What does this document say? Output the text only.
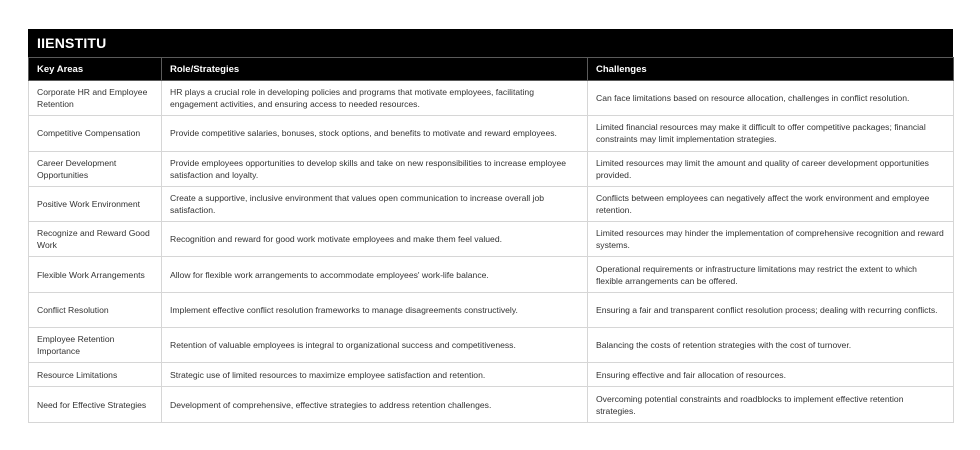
IIENSTITU
Key Areas	Role/Strategies	Challenges
Corporate HR and Employee Retention	HR plays a crucial role in developing policies and programs that motivate employees, facilitating engagement activities, and ensuring access to needed resources.	Can face limitations based on resource allocation, challenges in conflict resolution.
Competitive Compensation	Provide competitive salaries, bonuses, stock options, and benefits to motivate and reward employees.	Limited financial resources may make it difficult to offer competitive packages; financial constraints may limit implementation strategies.
Career Development Opportunities	Provide employees opportunities to develop skills and take on new responsibilities to increase employee satisfaction and loyalty.	Limited resources may limit the amount and quality of career development opportunities provided.
Positive Work Environment	Create a supportive, inclusive environment that values open communication to increase overall job satisfaction.	Conflicts between employees can negatively affect the work environment and employee retention.
Recognize and Reward Good Work	Recognition and reward for good work motivate employees and make them feel valued.	Limited resources may hinder the implementation of comprehensive recognition and reward systems.
Flexible Work Arrangements	Allow for flexible work arrangements to accommodate employees' work-life balance.	Operational requirements or infrastructure limitations may restrict the extent to which flexible arrangements can be offered.
Conflict Resolution	Implement effective conflict resolution frameworks to manage disagreements constructively.	Ensuring a fair and transparent conflict resolution process; dealing with recurring conflicts.
Employee Retention Importance	Retention of valuable employees is integral to organizational success and competitiveness.	Balancing the costs of retention strategies with the cost of turnover.
Resource Limitations	Strategic use of limited resources to maximize employee satisfaction and retention.	Ensuring effective and fair allocation of resources.
Need for Effective Strategies	Development of comprehensive, effective strategies to address retention challenges.	Overcoming potential constraints and roadblocks to implement effective retention strategies.
